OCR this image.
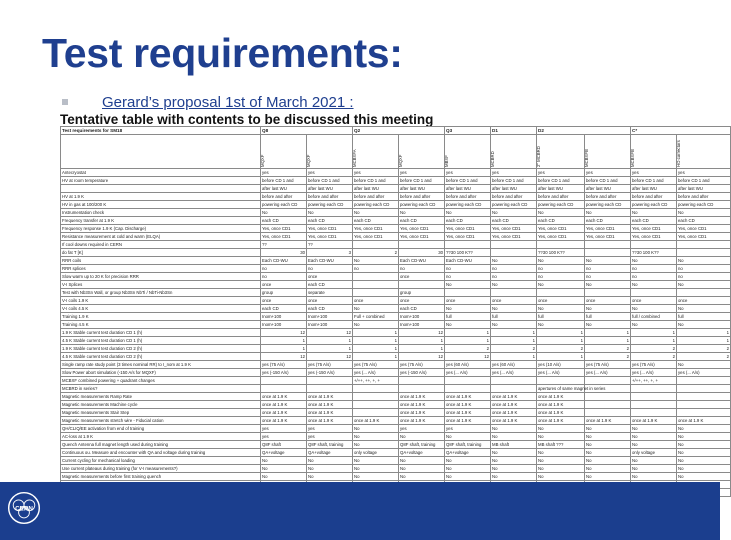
Test requirements:
Gerard’s proposal 1st of March 2021 :
Tentative table with contents to be discussed this meeting
Test requirements for SM18	Q8		Q2		Q3	D1	D2		C*	
	MQXF	MQXF	MCBXFA	MQXF	MBXF	MCBRD	2" MCBRD	MCBXFB	MCBXFB	HO correctors
Antecryostat	yes	yes	yes	yes	yes	yes	yes	yes	yes	yes
HV at room temperature	before CD 1 and	before CD 1 and	before CD 1 and	before CD 1 and	before CD 1 and	before CD 1 and	before CD 1 and	before CD 1 and	before CD 1 and	before CD 1 and
	after last WU	after last WU	after last WU	after last WU	after last WU	after last WU	after last WU	after last WU	after last WU	after last WU
HV at 1.9 K	before and after	before and after	before and after	before and after	before and after	before and after	before and after	before and after	before and after	before and after
HV in gas at 100/200 K	powering each CD	powering each CD	powering each CD	powering each CD	powering each CD	powering each CD	powering each CD	powering each CD	powering each CD	powering each CD
Instrumentation check	No	No	No	No	No	No	No	No	No	No
Frequency transfer at 1.9 K	each CD	each CD	each CD	each CD	each CD	each CD	each CD	each CD	each CD	each CD
Frequency response 1.9 K (Cap. Discharge)	Yes, once CD1	Yes, once CD1	Yes, once CD1	Yes, once CD1	Yes, once CD1	Yes, once CD1	Yes, once CD1	Yes, once CD1	Yes, once CD1	Yes, once CD1
Resistance measurement at cold and warm (ELQA)	Yes, once CD1	Yes, once CD1	Yes, once CD1	Yes, once CD1	Yes, once CD1	Yes, once CD1	Yes, once CD1	Yes, once CD1	Yes, once CD1	Yes, once CD1
If cool downs required in CERN	??	??								
do fat T [K]	30	3	2	30	??30 100 K??		??30 100 K??		??30 100 K??	
RRR coils	Each CD-WU	Each CD-WU	No	Each CD-WU	Each CD-WU	No	No	No	No	No
RRR splices	no	no	no	no	no	no	no	no	no	no
Slow warm up to 20 K for precision RRR	no	once		once	no	no	no	no	no	no
V-I Splices	once	each CD			No	No	No	No	No	No
Test with Nb3Sn Wall, or group Nb3Sn NbTi / NbTi-Nb3Sn	group	separate		group						
V-I coils 1.9 K	once	once	once	once	once	once	once	once	once	once
V-I coils 4.5 K	each CD	each CD	No	each CD	No	No	No	No	No	No
Training 1.9 K	Inom+100	Inom+100	Full + combined	Inom+100	full	full	full	full	full / combined	full
Training 4.5 K	Inom+100	Inom+100	No	Inom+100	No	No	No	No	No	No
1.9 K Stable current test duration CD 1 (h)	12	12	1	12	1	1	1	1	1	1
4.5 K Stable current test duration CD 1 (h)	1	1	1	1	1	1	1	1	1	1
1.9 K Stable current test duration CD 2 (h)	1	1	1	1	2	2	2	2	2	2
4.5 K Stable current test duration CD 2 (h)	12	12	1	12	12	1	1	2	2	2
Single ramp rate study point (3 times nominal RR) to I_nom at 1.9 K	yes (75 A/s)	yes (75 A/s)	yes (75 A/s)	yes (75 A/s)	yes (60 A/s)	yes (60 A/s)	yes (10 A/s)	yes (75 A/s)	yes (75 A/s)	No
Slow Power abort simulation (-150 A/s for MQXF)	yes (-150 A/s)	yes (-150 A/s)	yes (... A/s)	yes (-150 A/s)	yes (... A/s)	yes (... A/s)	yes (... A/s)	yes (... A/s)	yes (... A/s)	yes (... A/s)
MCBXF combined powering + quadrant changes			+/++, ++, +, +						+/++, ++, +, +	
MCBRD in series?							apertures of same magnet in series			
Magnetic measurements Ramp Rate	once at 1.9 K	once at 1.9 K		once at 1.9 K	once at 1.9 K	once at 1.9 K	once at 1.9 K			
Magnetic measurements Machine cycle	once at 1.9 K	once at 1.9 K		once at 1.9 K	once at 1.9 K	once at 1.9 K	once at 1.9 K			
Magnetic measurements Stair Step	once at 1.9 K	once at 1.9 K		once at 1.9 K	once at 1.9 K	once at 1.9 K	once at 1.9 K			
Magnetic measurements stretch wire - Fiducial cation	once at 1.9 K	once at 1.9 K	once at 1.9 K	once at 1.9 K	once at 1.9 K	once at 1.9 K	once at 1.9 K	once at 1.9 K	once at 1.9 K	once at 1.9 K
QH/CLIQ/EE activation from end of training	yes	yes	No	yes	yes	No	No	No	No	No
AC-loss at 1.9 K	yes	yes	No	No	No	No	No	No	No	No
Quench Antenna full magnet length used during training	Q8F shaft	Q8F shaft, training	No	Q8F shaft, training	Q8F shaft, training	MB shaft	MB shaft ???	No	No	No
Continuous ou. Measure and encounter with QA and voltage during training	QA+voltage	QA+voltage	only voltage	QA+voltage	QA+voltage	No	No	No	only voltage	No
Current cycling for mechanical loading	No	No	No	No	No	No	No	No	No	No
Use current plateaus during training (for V-I measurements?)	No	No	No	No	No	No	No	No	No	No
Magnetic measurements before first training quench	No	No	No	No	No	No	No	No	No	No

CERN
